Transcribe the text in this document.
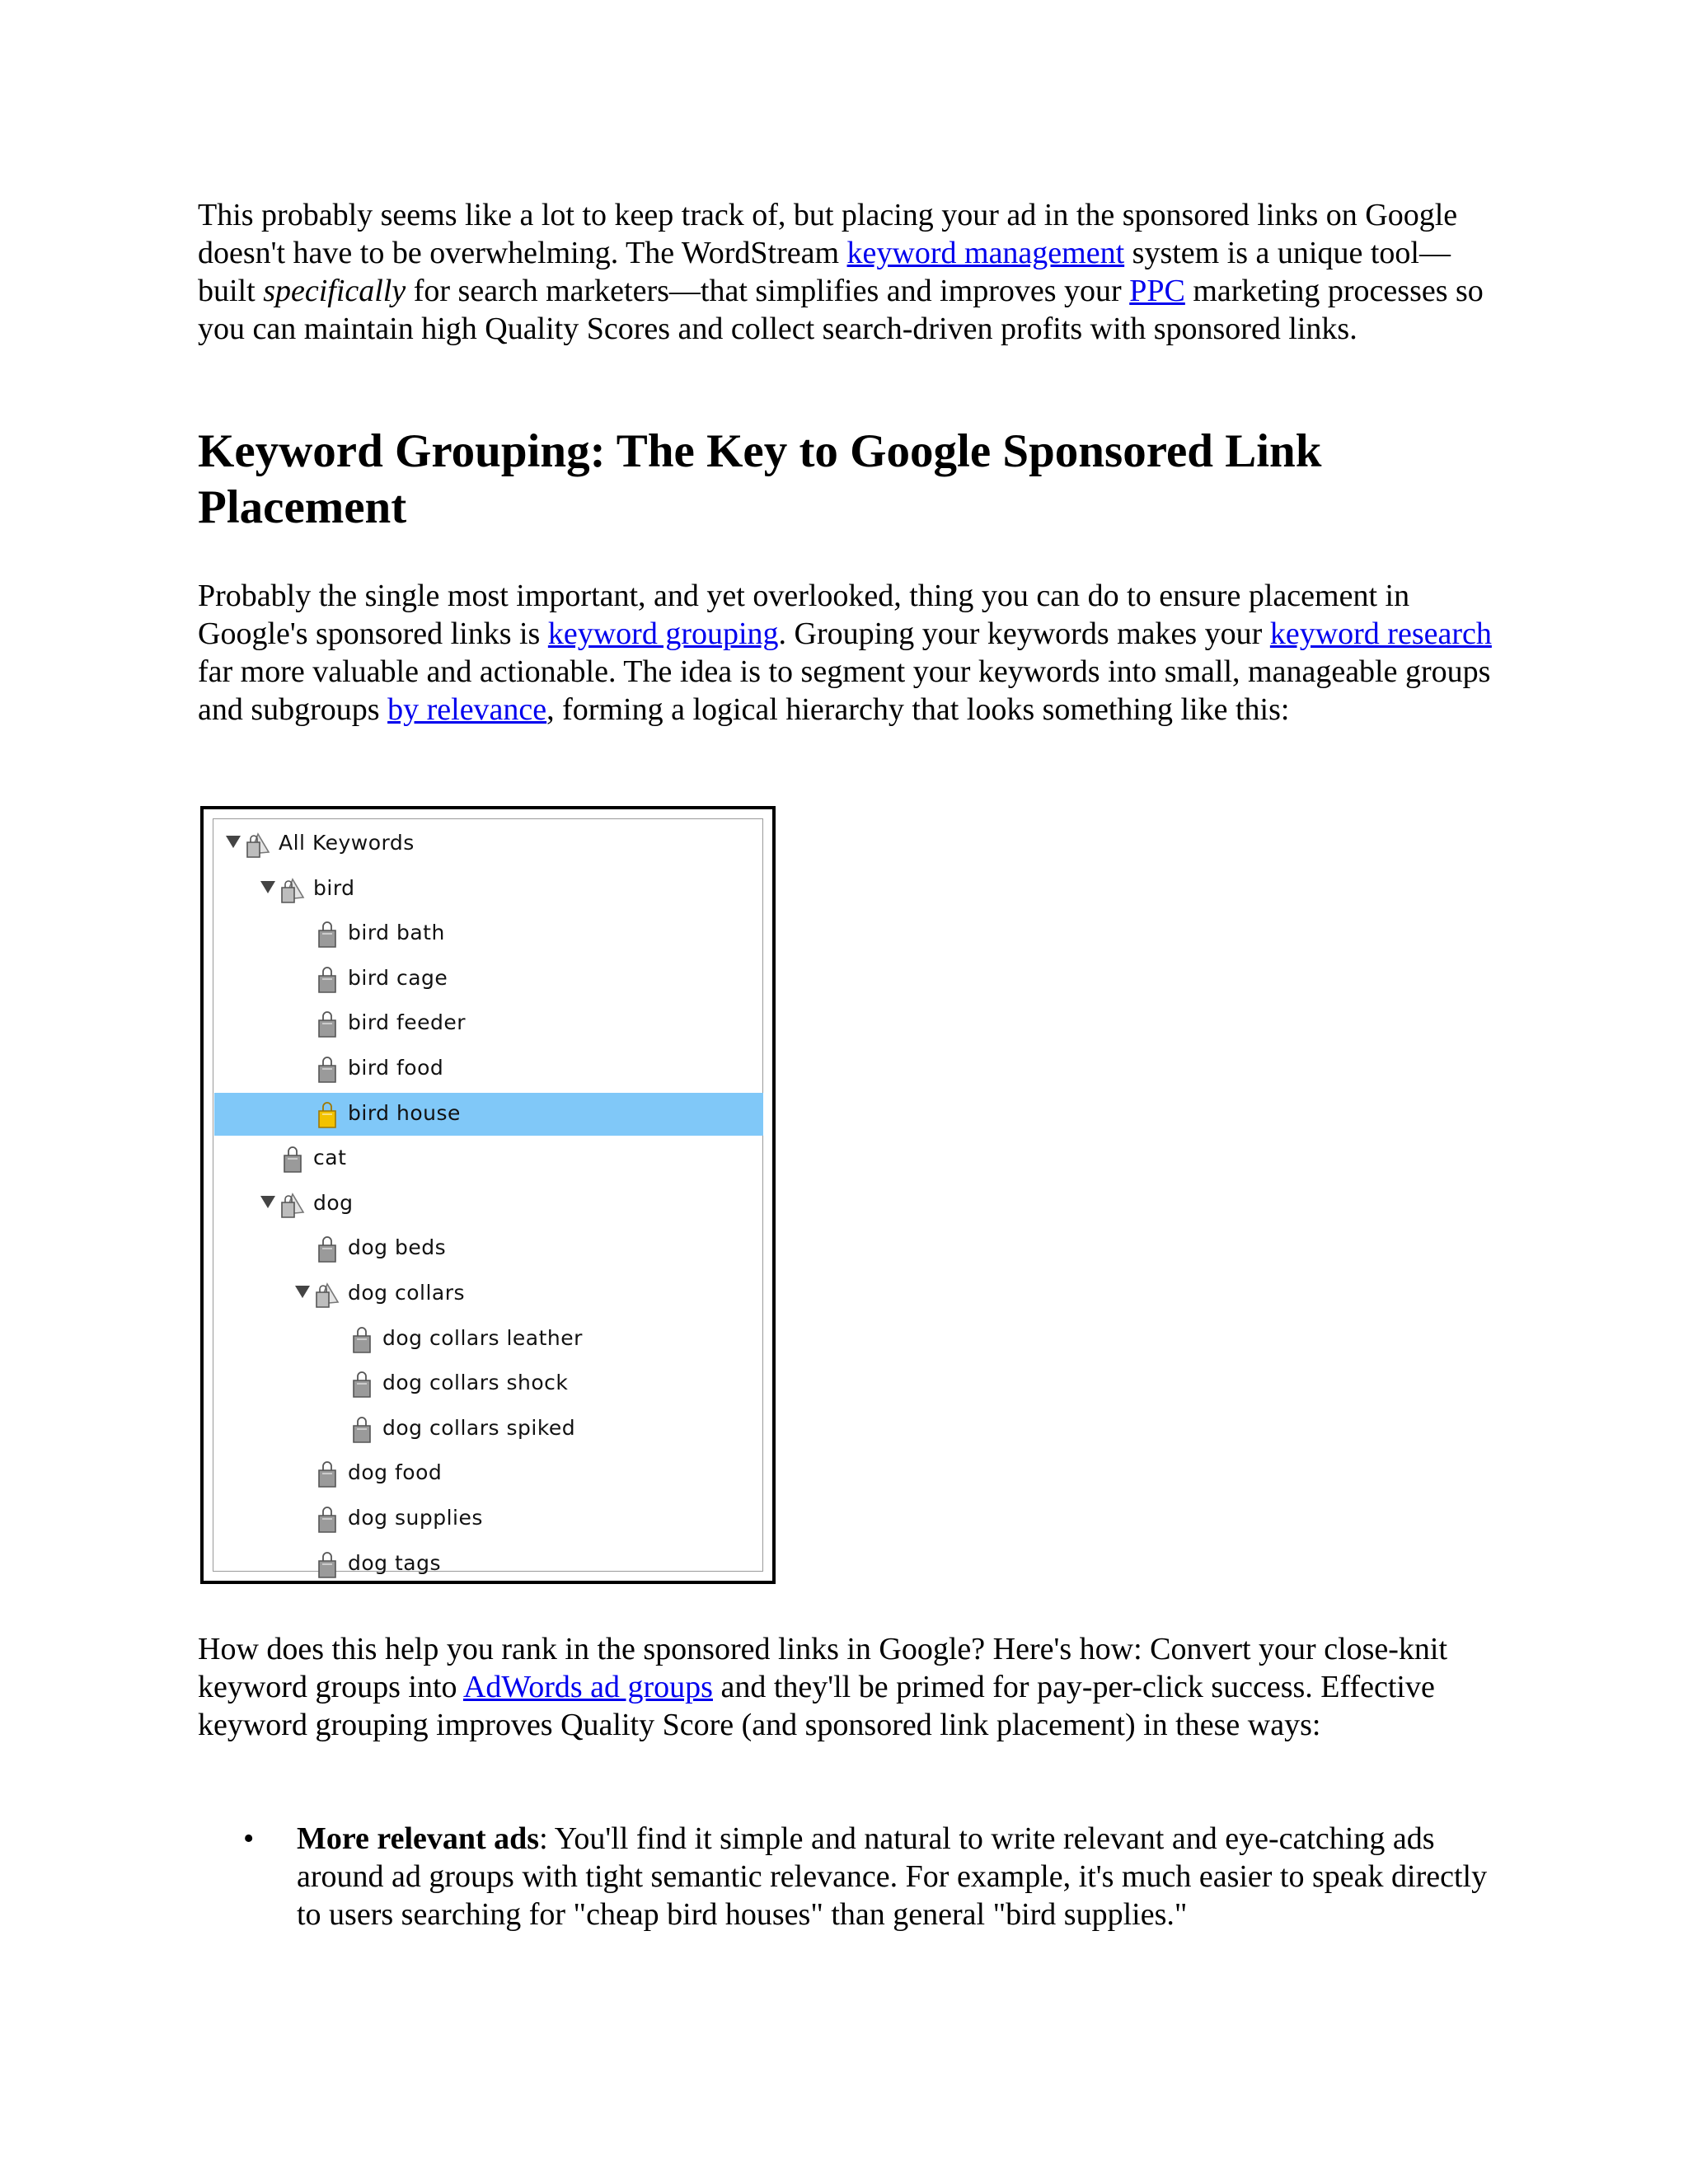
This probably seems like a lot to keep track of, but placing your ad in the sponsored links on Google doesn't have to be overwhelming. The WordStream keyword management system is a unique tool—built specifically for search marketers—that simplifies and improves your PPC marketing processes so you can maintain high Quality Scores and collect search-driven profits with sponsored links.

Keyword Grouping: The Key to Google Sponsored Link Placement

Probably the single most important, and yet overlooked, thing you can do to ensure placement in Google's sponsored links is keyword grouping. Grouping your keywords makes your keyword research far more valuable and actionable. The idea is to segment your keywords into small, manageable groups and subgroups by relevance, forming a logical hierarchy that looks something like this:

All Keywords
bird
bird bath
bird cage
bird feeder
bird food
bird house
cat
dog
dog beds
dog collars
dog collars leather
dog collars shock
dog collars spiked
dog food
dog supplies
dog tags

How does this help you rank in the sponsored links in Google? Here's how: Convert your close-knit keyword groups into AdWords ad groups and they'll be primed for pay-per-click success. Effective keyword grouping improves Quality Score (and sponsored link placement) in these ways:

• More relevant ads: You'll find it simple and natural to write relevant and eye-catching ads around ad groups with tight semantic relevance. For example, it's much easier to speak directly to users searching for "cheap bird houses" than general "bird supplies."
